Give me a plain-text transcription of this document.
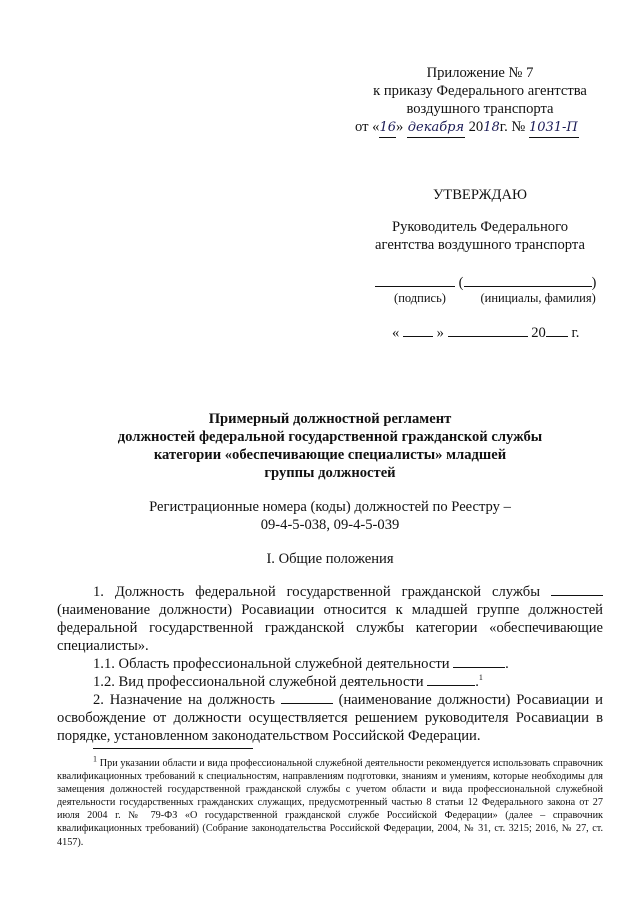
Приложение № 7
к приказу Федерального агентства
воздушного транспорта
от «16» декабря 2018г. № 1031-П
УТВЕРЖДАЮ
Руководитель Федерального
агентства воздушного транспорта
(	)
(подпись)	(инициалы, фамилия)
«	»	20 г.
Примерный должностной регламент
должностей федеральной государственной гражданской службы
категории «обеспечивающие специалисты» младшей
группы должностей
Регистрационные номера (коды) должностей по Реестру –
09-4-5-038, 09-4-5-039
I. Общие положения
1. Должность федеральной государственной гражданской службы
(наименование должности) Росавиации относится к младшей группе должностей федеральной государственной гражданской службы категории «обеспечивающие специалисты».
1.1. Область профессиональной служебной деятельности	.
1.2. Вид профессиональной служебной деятельности	.$^1$
2. Назначение на должность	(наименование должности) Росавиации и
освобождение от должности осуществляется решением руководителя Росавиации в порядке, установленном законодательством Российской Федерации.
$^1$ При указании области и вида профессиональной служебной деятельности рекомендуется использовать справочник квалификационных требований к специальностям, направлениям подготовки, знаниям и умениям, которые необходимы для замещения должностей государственной гражданской службы с учетом области и вида профессиональной служебной деятельности государственных гражданских служащих, предусмотренный частью 8 статьи 12 Федерального закона от 27 июля 2004 г. № 79-ФЗ «О государственной гражданской службе Российской Федерации» (далее – справочник квалификационных требований) (Собрание законодательства Российской Федерации, 2004, № 31, ст. 3215; 2016, № 27, ст. 4157).
